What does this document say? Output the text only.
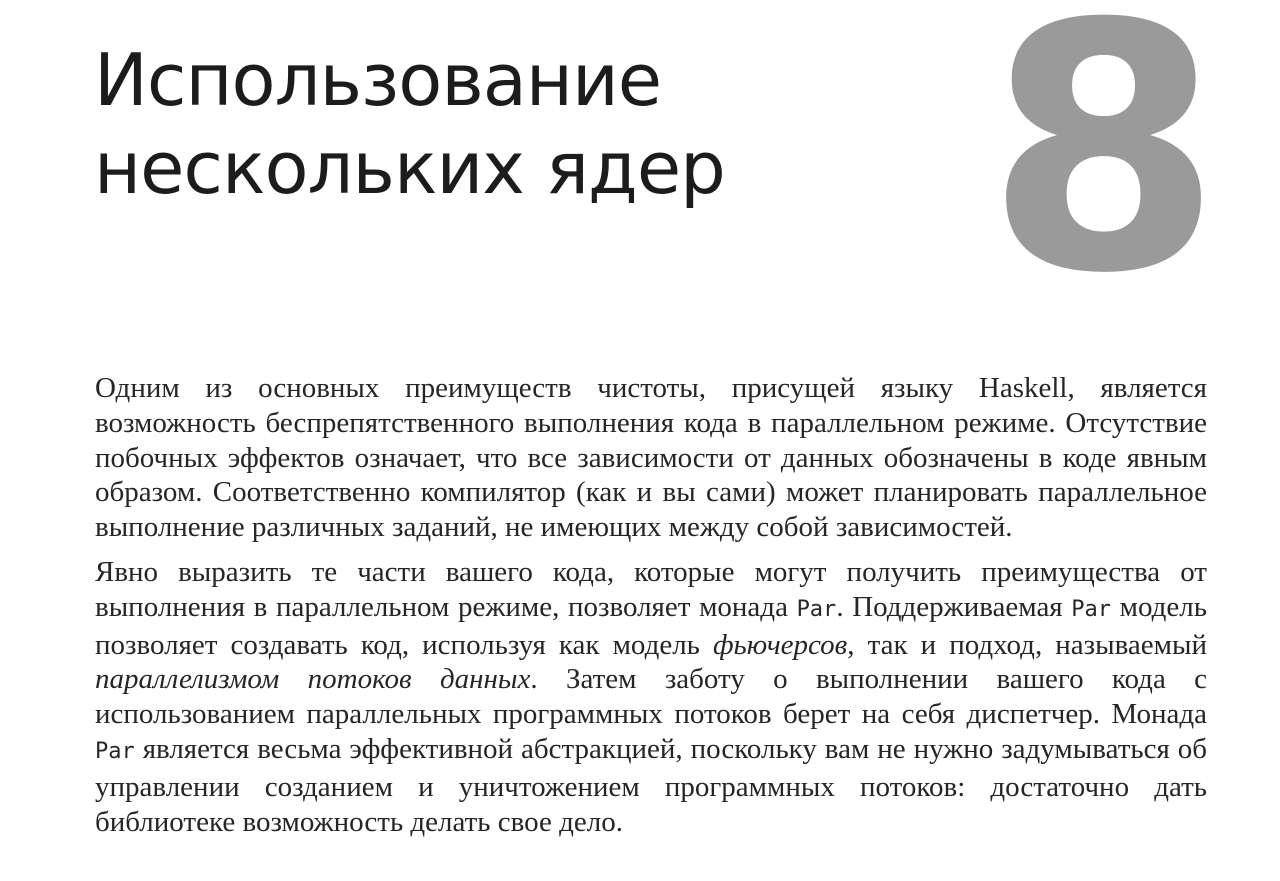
Использование
нескольких ядер 8

Одним из основных преимуществ чистоты, присущей языку Haskell, является возможность беспрепятственного выполнения кода в параллельном режиме. Отсутствие побочных эффектов означает, что все зависимости от данных обозначены в коде явным образом. Соответственно компилятор (как и вы сами) может планировать параллельное выполнение различных заданий, не имеющих между собой зависимостей.

Явно выразить те части вашего кода, которые могут получить преимущества от выполнения в параллельном режиме, позволяет монада Par. Поддерживаемая Par модель позволяет создавать код, используя как модель фьючерсов, так и подход, называемый параллелизмом потоков данных. Затем заботу о выполнении вашего кода с использованием параллельных программных потоков берет на себя диспетчер. Монада Par является весьма эффективной абстракцией, поскольку вам не нужно задумываться об управлении созданием и уничтожением программных потоков: достаточно дать библиотеке возможность делать свое дело.
